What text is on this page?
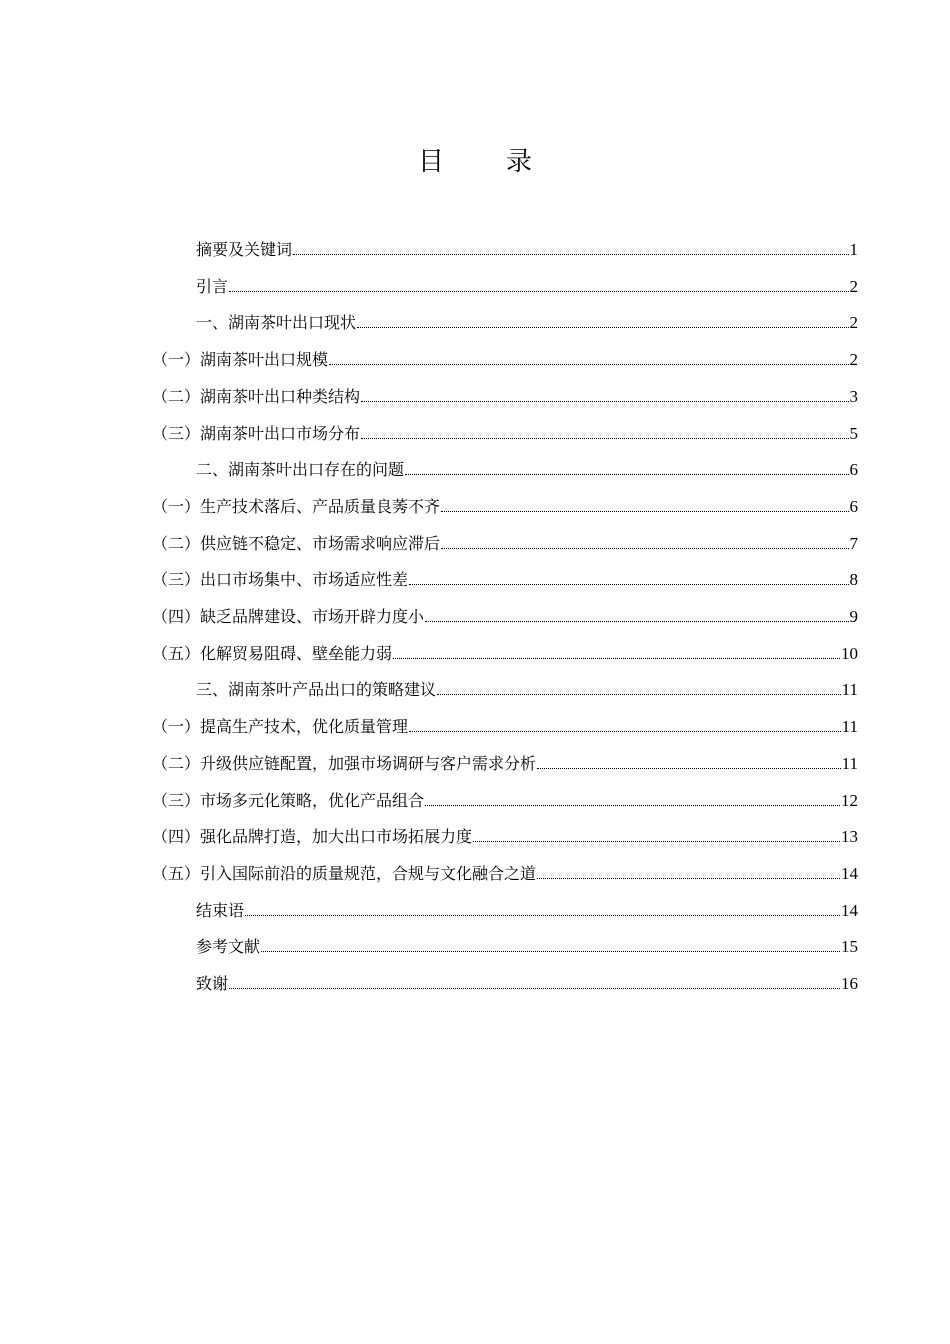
目 录
摘要及关键词	1
引言	2
一、湖南茶叶出口现状	2
（一）湖南茶叶出口规模	2
（二）湖南茶叶出口种类结构	3
（三）湖南茶叶出口市场分布	5
二、湖南茶叶出口存在的问题	6
（一）生产技术落后、产品质量良莠不齐	6
（二）供应链不稳定、市场需求响应滞后	7
（三）出口市场集中、市场适应性差	8
（四）缺乏品牌建设、市场开辟力度小	9
（五）化解贸易阻碍、壁垒能力弱	10
三、湖南茶叶产品出口的策略建议	11
（一）提高生产技术，优化质量管理	11
（二）升级供应链配置，加强市场调研与客户需求分析	11
（三）市场多元化策略，优化产品组合	12
（四）强化品牌打造，加大出口市场拓展力度	13
（五）引入国际前沿的质量规范，合规与文化融合之道	14
结束语	14
参考文献	15
致谢	16
